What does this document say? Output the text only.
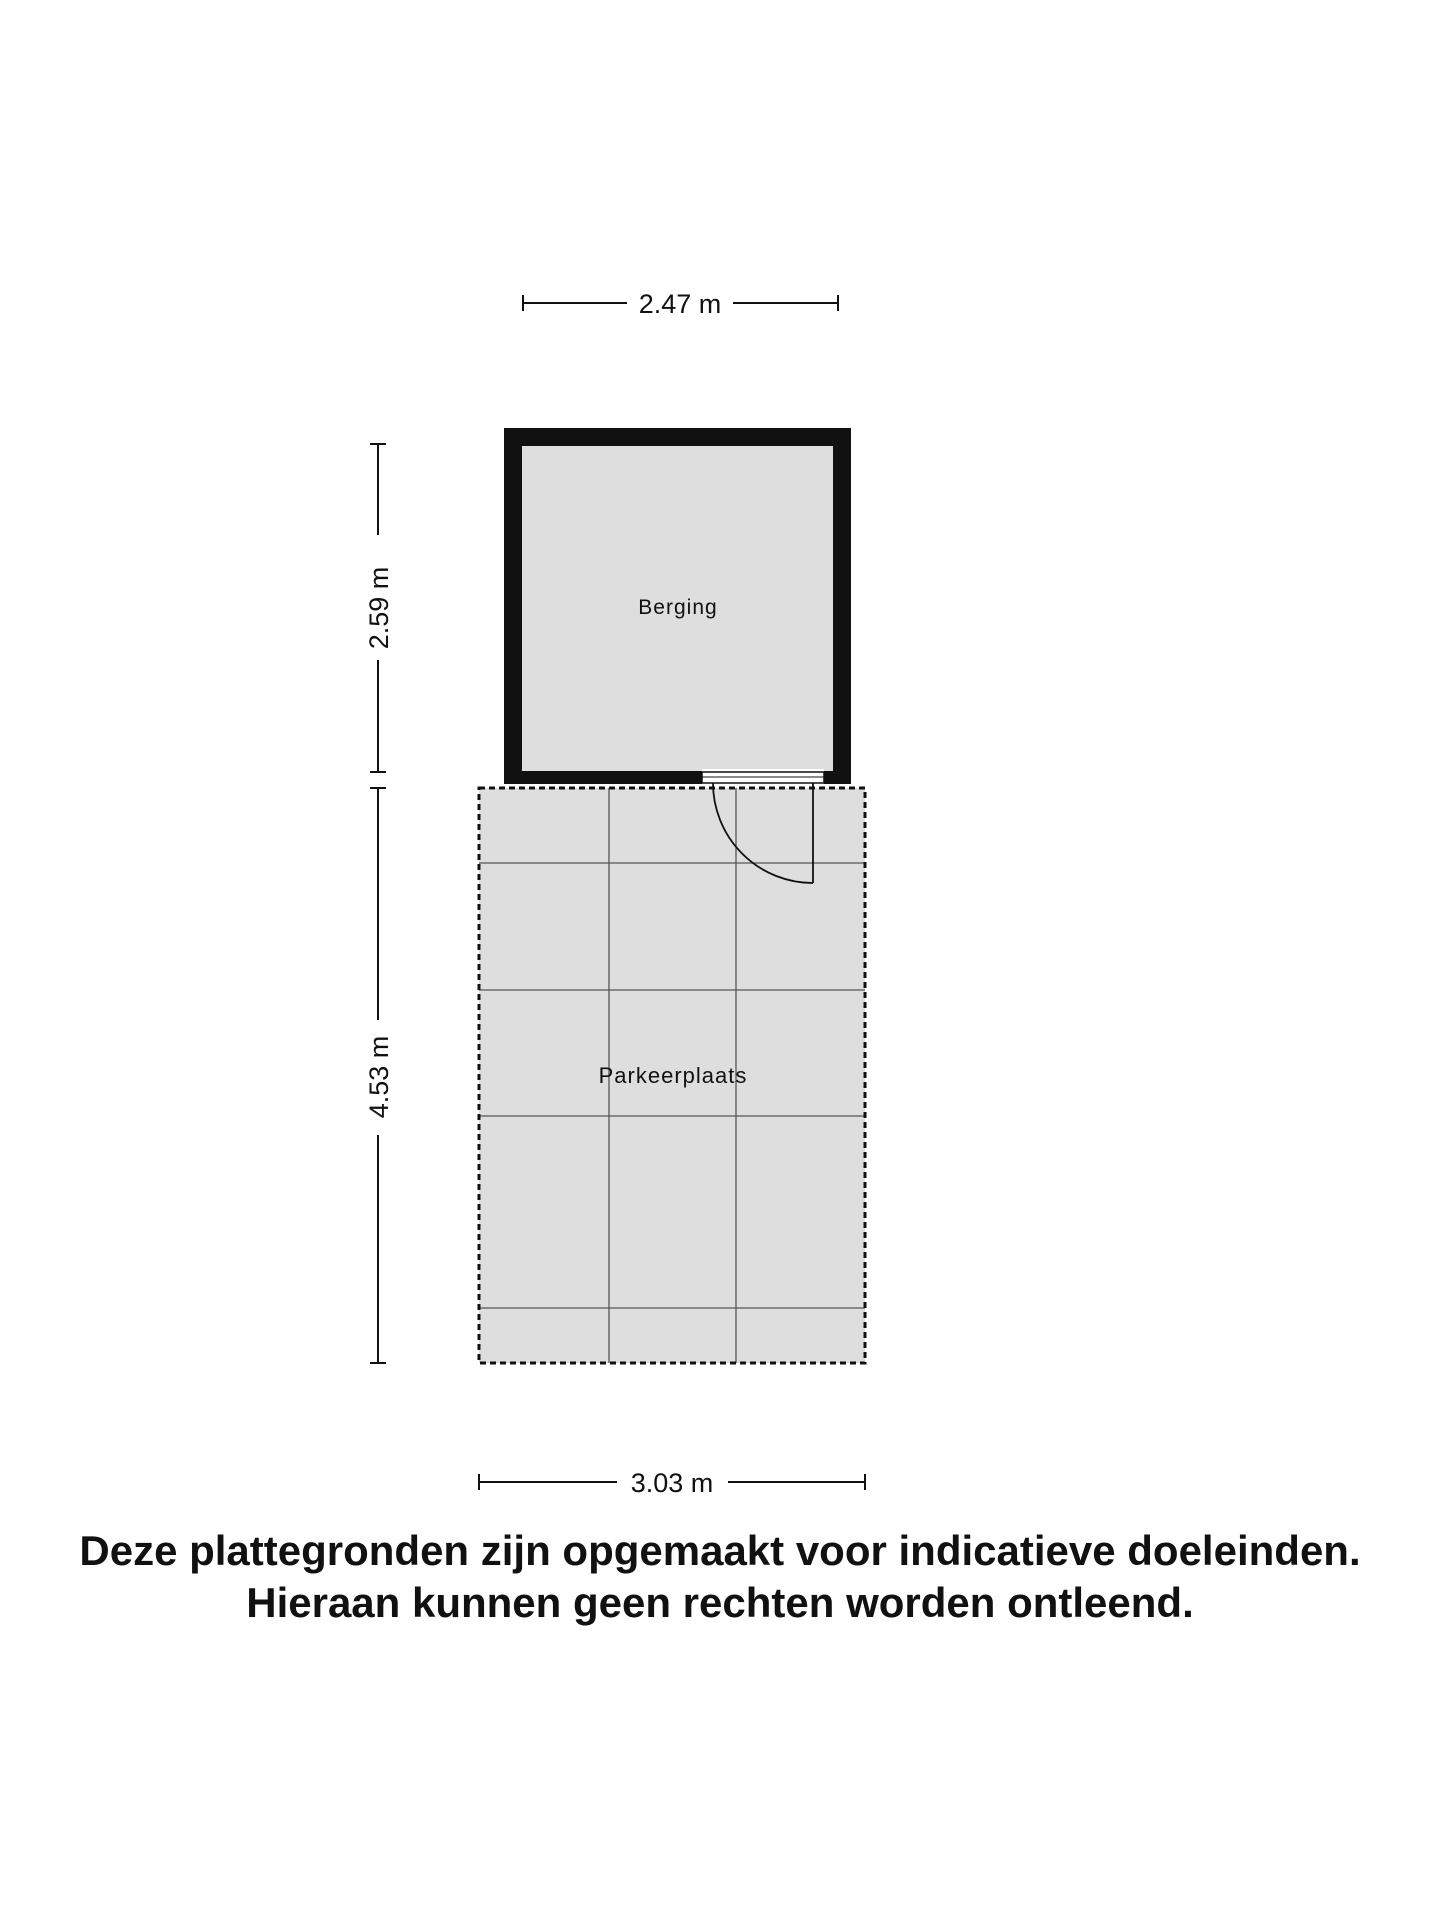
2.47 m
2.59 m
4.53 m	Parkeerplaats
Berging
3.03 m
Deze plattegronden zijn opgemaakt voor indicatieve doeleinden.
Hieraan kunnen geen rechten worden ontleend.
